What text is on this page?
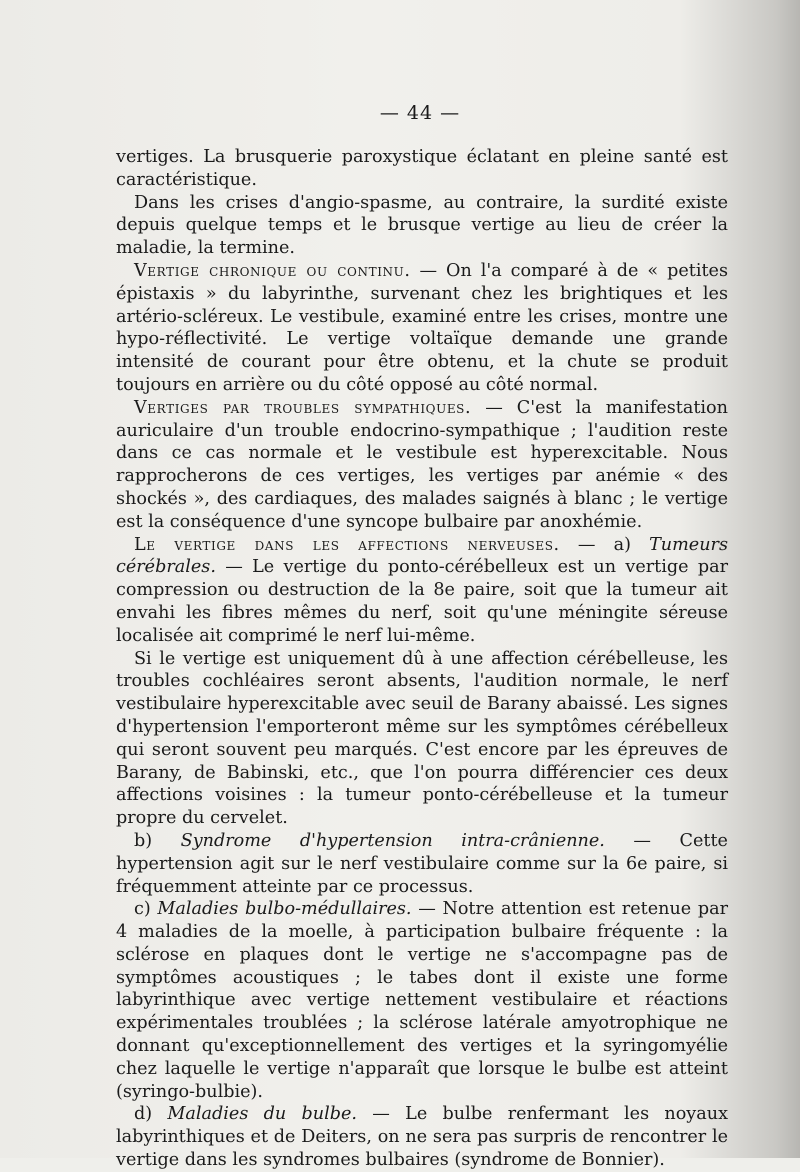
— 44 —

vertiges. La brusquerie paroxystique éclatant en pleine santé est caractéristique.

Dans les crises d'angio-spasme, au contraire, la surdité existe depuis quelque temps et le brusque vertige au lieu de créer la maladie, la termine.

Vertige chronique ou continu. — On l'a comparé à de « petites épistaxis » du labyrinthe, survenant chez les brightiques et les artério-scléreux. Le vestibule, examiné entre les crises, montre une hypo-réflectivité. Le vertige voltaïque demande une grande intensité de courant pour être obtenu, et la chute se produit toujours en arrière ou du côté opposé au côté normal.

Vertiges par troubles sympathiques. — C'est la manifestation auriculaire d'un trouble endocrino-sympathique ; l'audition reste dans ce cas normale et le vestibule est hyperexcitable. Nous rapprocherons de ces vertiges, les vertiges par anémie « des shockés », des cardiaques, des malades saignés à blanc ; le vertige est la conséquence d'une syncope bulbaire par anoxhémie.

Le vertige dans les affections nerveuses. — a) Tumeurs cérébrales. — Le vertige du ponto-cérébelleux est un vertige par compression ou destruction de la 8e paire, soit que la tumeur ait envahi les fibres mêmes du nerf, soit qu'une méningite séreuse localisée ait comprimé le nerf lui-même.

Si le vertige est uniquement dû à une affection cérébelleuse, les troubles cochléaires seront absents, l'audition normale, le nerf vestibulaire hyperexcitable avec seuil de Barany abaissé. Les signes d'hypertension l'emporteront même sur les symptômes cérébelleux qui seront souvent peu marqués. C'est encore par les épreuves de Barany, de Babinski, etc., que l'on pourra différencier ces deux affections voisines : la tumeur ponto-cérébelleuse et la tumeur propre du cervelet.

b) Syndrome d'hypertension intra-crânienne. — Cette hypertension agit sur le nerf vestibulaire comme sur la 6e paire, si fréquemment atteinte par ce processus.

c) Maladies bulbo-médullaires. — Notre attention est retenue par 4 maladies de la moelle, à participation bulbaire fréquente : la sclérose en plaques dont le vertige ne s'accompagne pas de symptômes acoustiques ; le tabes dont il existe une forme labyrinthique avec vertige nettement vestibulaire et réactions expérimentales troublées ; la sclérose latérale amyotrophique ne donnant qu'exceptionnellement des vertiges et la syringomyélie chez laquelle le vertige n'apparaît que lorsque le bulbe est atteint (syringo-bulbie).

d) Maladies du bulbe. — Le bulbe renfermant les noyaux labyrinthiques et de Deiters, on ne sera pas surpris de rencontrer le vertige dans les syndromes bulbaires (syndrome de Bonnier).
